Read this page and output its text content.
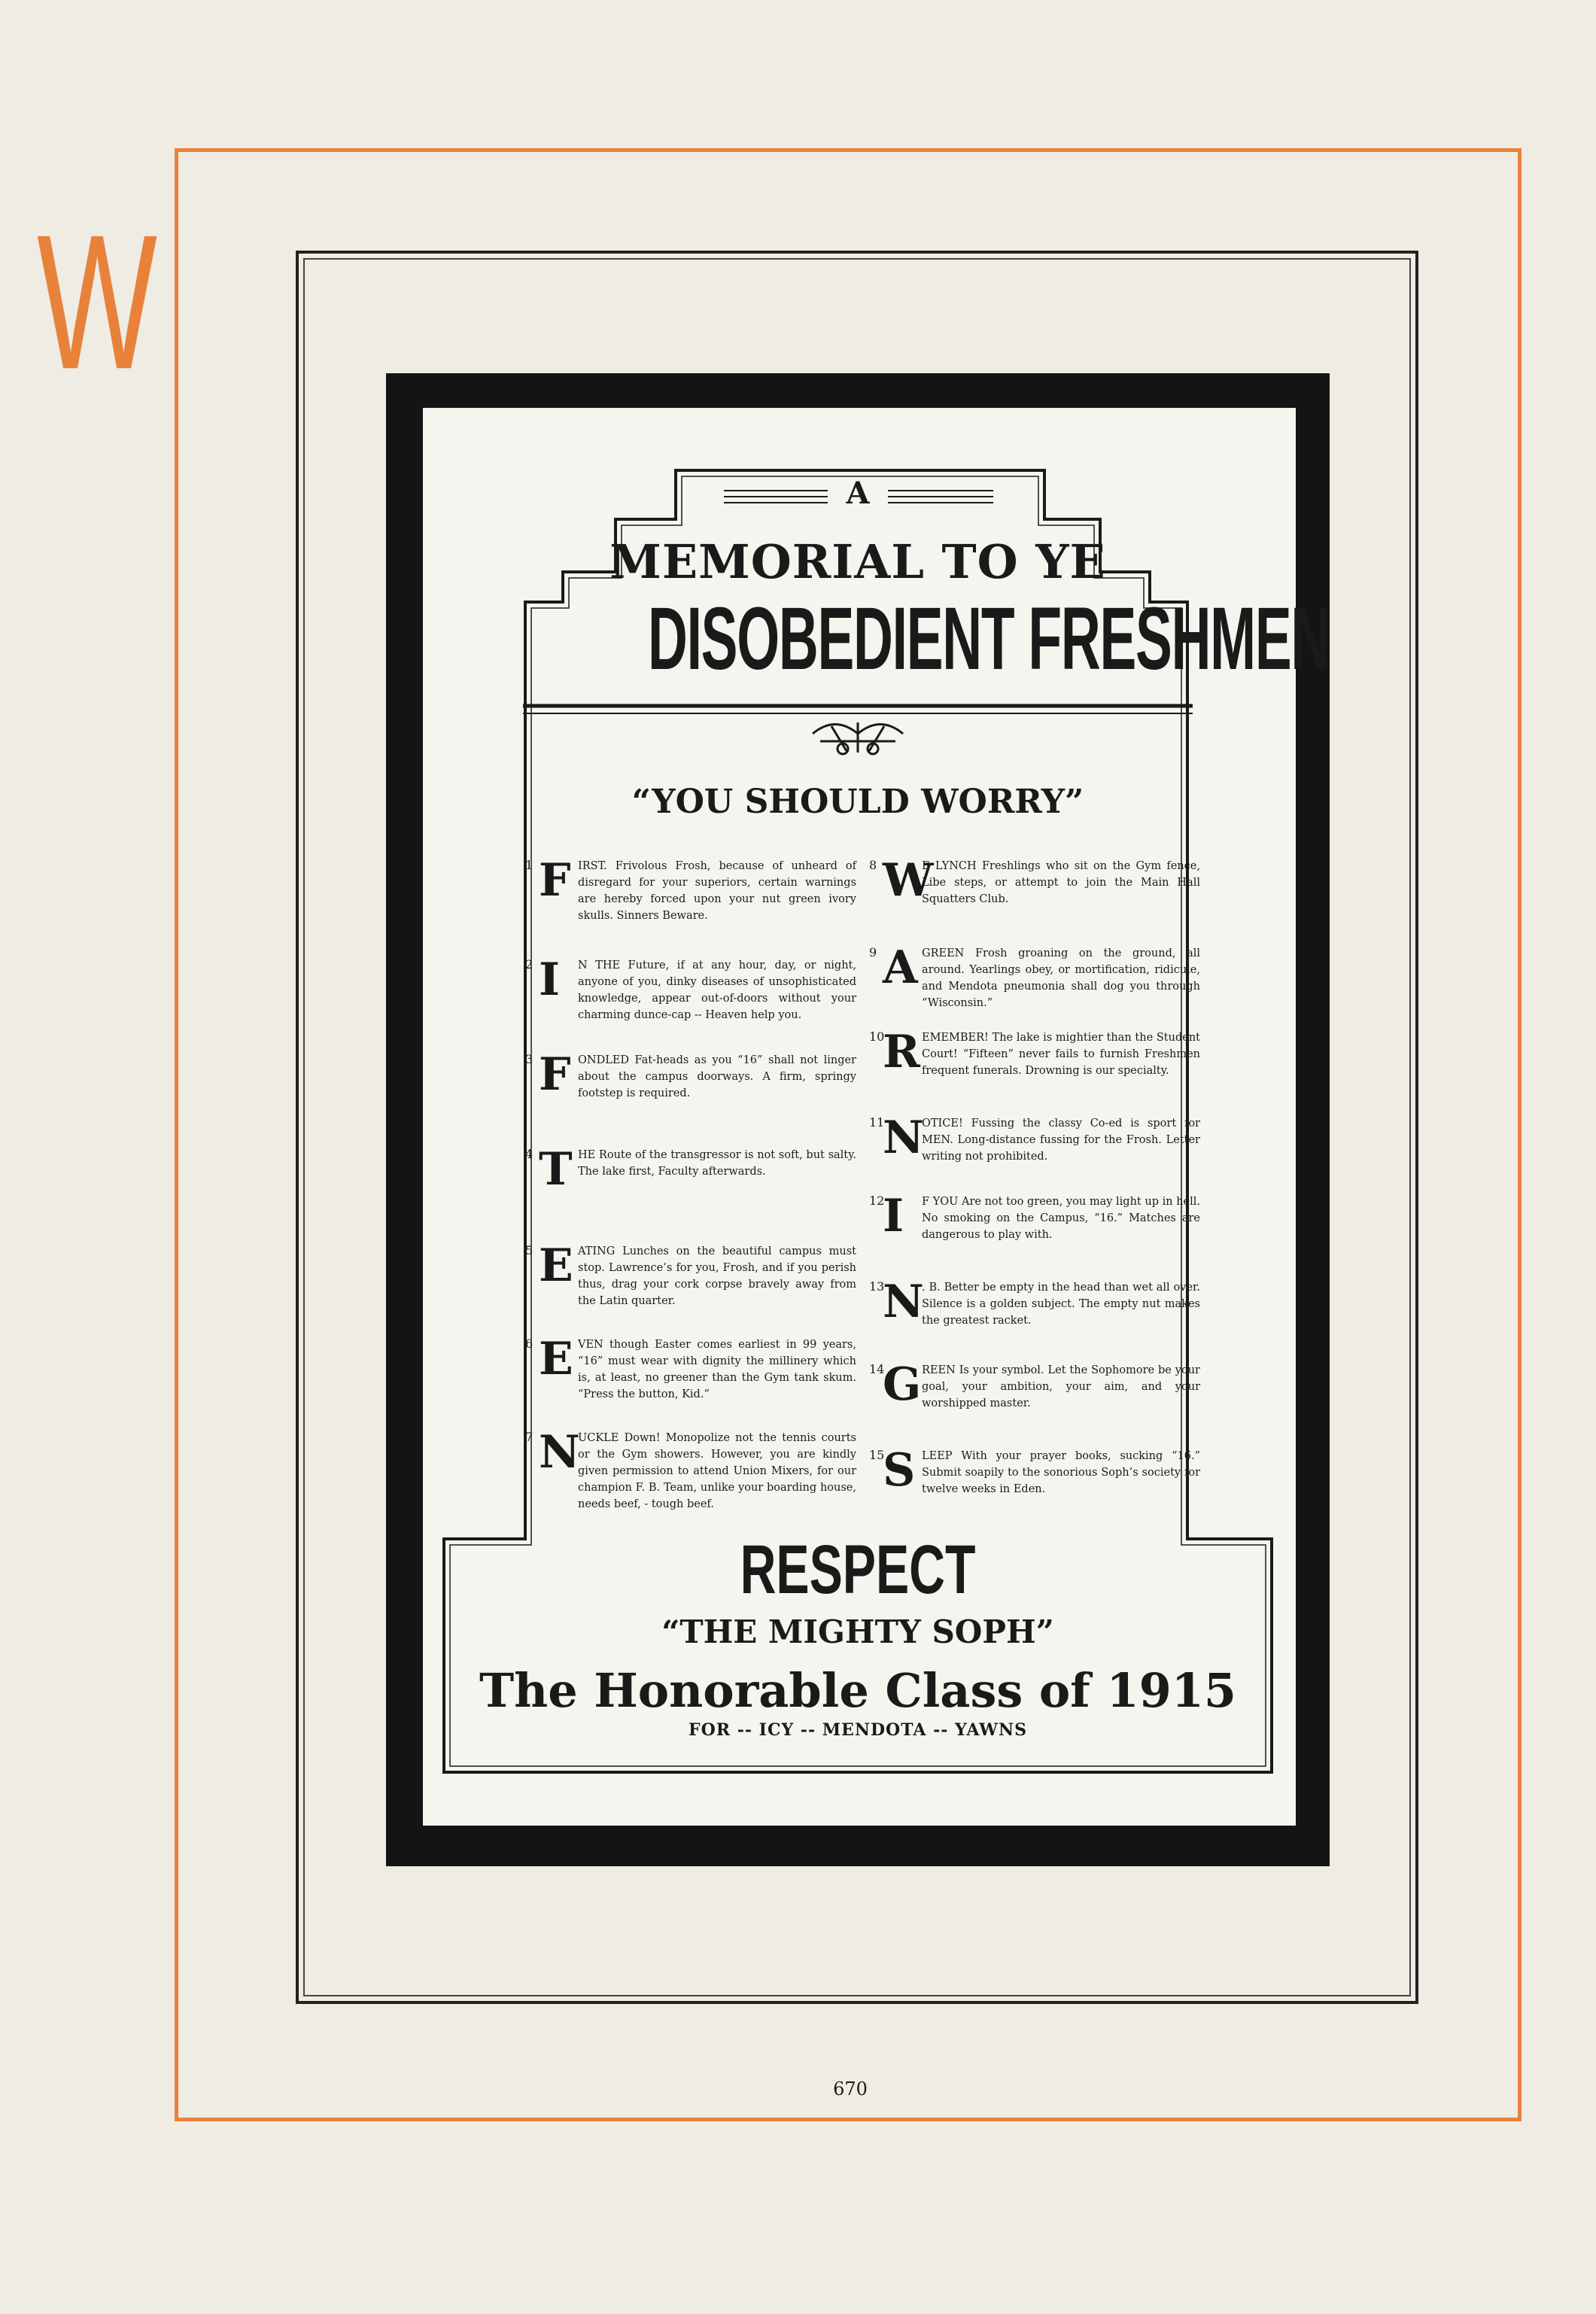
W
A
MEMORIAL TO YE
DISOBEDIENT FRESHMEN
“YOU SHOULD WORRY”
1 F IRST. Frivolous Frosh, because of unheard of disregard for your superiors, certain warnings are hereby forced upon your nut green ivory skulls. Sinners Beware.
2 I N THE Future, if at any hour, day, or night, anyone of you, dinky diseases of unsophisticated knowledge, appear out-of-doors without your charming dunce-cap -- Heaven help you.
3 F ONDLED Fat-heads as you “16” shall not linger about the campus doorways. A firm, springy footstep is required.
4 T HE Route of the transgressor is not soft, but salty. The lake first, Faculty afterwards.
5 E ATING Lunches on the beautiful campus must stop. Lawrence’s for you, Frosh, and if you perish thus, drag your cork corpse bravely away from the Latin quarter.
6 E VEN though Easter comes earliest in 99 years, “16” must wear with dignity the millinery which is, at least, no greener than the Gym tank skum. “Press the button, Kid.”
7 N
UCKLE Down! Monopolize not the tennis courts or the Gym showers. However, you are kindly given permission to attend Union Mixers, for our champion F. B. Team, unlike your boarding house, needs beef, - tough beef.
8 W
E LYNCH Freshlings who sit on the Gym fence, Libe steps, or attempt to join the Main Hall Squatters Club.
9 A GREEN Frosh groaning on the ground, all around. Yearlings obey, or mortification, ridicule, and Mendota pneumonia shall dog you through “Wisconsin.”
10
R EMEMBER! The lake is mightier than the Student Court! “Fifteen” never fails to furnish Freshmen frequent funerals. Drowning is our specialty.
11
N
OTICE! Fussing the classy Co-ed is sport for MEN. Long-distance fussing for the Frosh. Letter writing not prohibited.
12
I F YOU Are not too green, you may light up in hell. No smoking on the Campus, “16.” Matches are dangerous to play with.
13
N
. B. Better be empty in the head than wet all over. Silence is a golden subject. The empty nut makes the greatest racket.
14
G REEN Is your symbol. Let the Sophomore be your goal, your ambition, your aim, and your worshipped master.
15
S LEEP With your prayer books, sucking “16.” Submit soapily to the sonorious Soph’s society for twelve weeks in Eden.
RESPECT
“THE MIGHTY SOPH”
The Honorable Class of 1915
FOR -- ICY -- MENDOTA -- YAWNS
670
